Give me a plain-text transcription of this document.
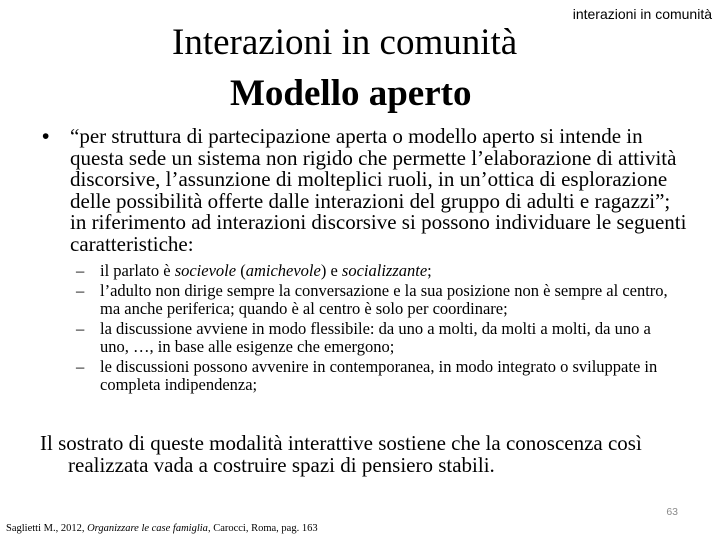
interazioni in comunità
Interazioni in comunità
Modello aperto
• “per struttura di partecipazione aperta o modello aperto si intende in questa sede un sistema non rigido che permette l’elaborazione di attività discorsive, l’assunzione di molteplici ruoli, in un’ottica di esplorazione delle possibilità offerte dalle interazioni del gruppo di adulti e ragazzi”; in riferimento ad interazioni discorsive si possono individuare le seguenti caratteristiche:
– il parlato è socievole (amichevole) e socializzante;
– l’adulto non dirige sempre la conversazione e la sua posizione non è sempre al centro, ma anche periferica; quando è al centro è solo per coordinare;
– la discussione avviene in modo flessibile: da uno a molti, da molti a molti, da uno a uno, …, in base alle esigenze che emergono;
– le discussioni possono avvenire in contemporanea, in modo integrato o sviluppate in completa indipendenza;
Il sostrato di queste modalità interattive sostiene che la conoscenza così realizzata vada a costruire spazi di pensiero stabili.
63
Saglietti M., 2012, Organizzare le case famiglia, Carocci, Roma, pag. 163
